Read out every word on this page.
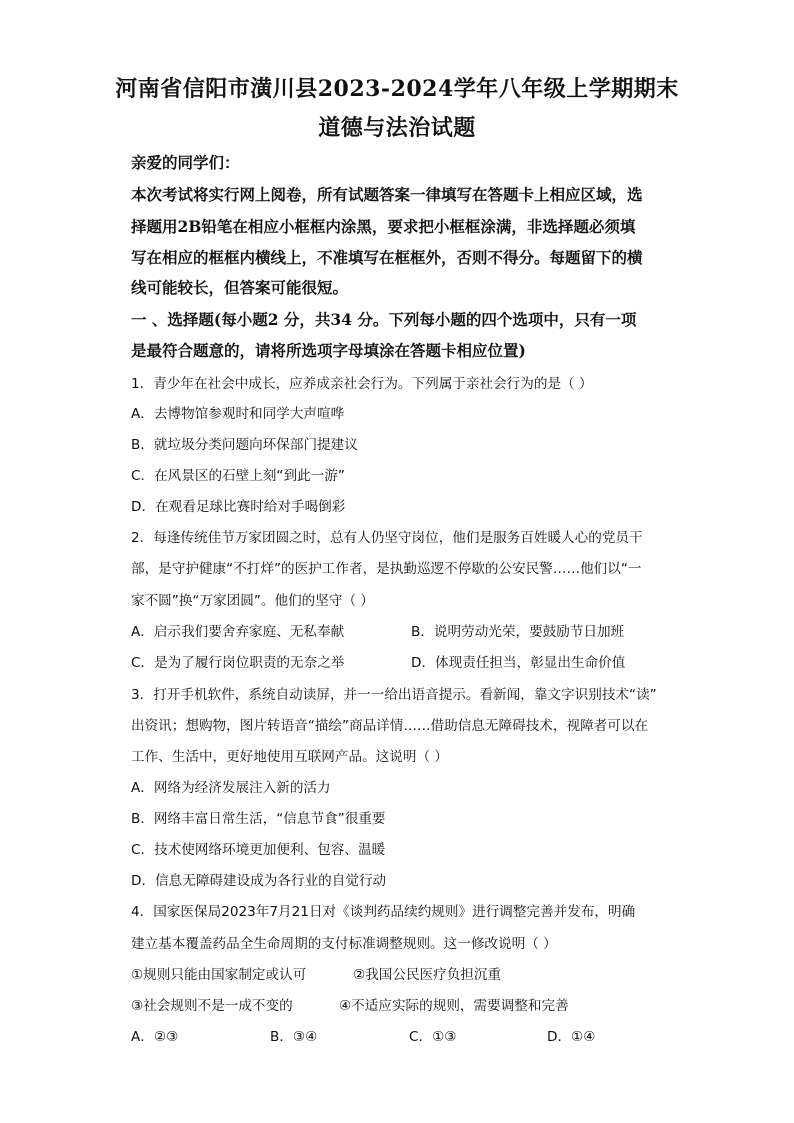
河南省信阳市潢川县2023-2024学年八年级上学期期末
道德与法治试题
亲爱的同学们：
本次考试将实行网上阅卷，所有试题答案一律填写在答题卡上相应区域，选
择题用2B铅笔在相应小框框内涂黑，要求把小框框涂满，非选择题必须填
写在相应的框框内横线上，不准填写在框框外，否则不得分。每题留下的横
线可能较长，但答案可能很短。
一 、选择题(每小题2 分，共34 分。下列每小题的四个选项中，只有一项
是最符合题意的，请将所选项字母填涂在答题卡相应位置)
1．青少年在社会中成长，应养成亲社会行为。下列属于亲社会行为的是（ ）
A．去博物馆参观时和同学大声喧哗
B．就垃圾分类问题向环保部门提建议
C．在风景区的石壁上刻“到此一游”
D．在观看足球比赛时给对手喝倒彩
2．每逢传统佳节万家团圆之时，总有人仍坚守岗位，他们是服务百姓暖人心的党员干
部，是守护健康“不打烊”的医护工作者，是执勤巡逻不停歇的公安民警……他们以“一
家不圆”换“万家团圆”。他们的坚守（ ）
A．启示我们要舍弃家庭、无私奉献	B．说明劳动光荣，要鼓励节日加班
C．是为了履行岗位职责的无奈之举	D．体现责任担当，彰显出生命价值
3．打开手机软件，系统自动读屏，并一一给出语音提示。看新闻，靠文字识别技术“读”
出资讯；想购物，图片转语音“描绘”商品详情……借助信息无障碍技术，视障者可以在
工作、生活中，更好地使用互联网产品。这说明（ ）
A．网络为经济发展注入新的活力
B．网络丰富日常生活，“信息节食”很重要
C．技术使网络环境更加便利、包容、温暖
D．信息无障碍建设成为各行业的自觉行动
4．国家医保局2023年7月21日对《谈判药品续约规则》进行调整完善并发布，明确
建立基本覆盖药品全生命周期的支付标准调整规则。这一修改说明（ ）
①规则只能由国家制定或认可	②我国公民医疗负担沉重
③社会规则不是一成不变的	④不适应实际的规则，需要调整和完善
A．②③	B．③④	C．①③	D．①④
